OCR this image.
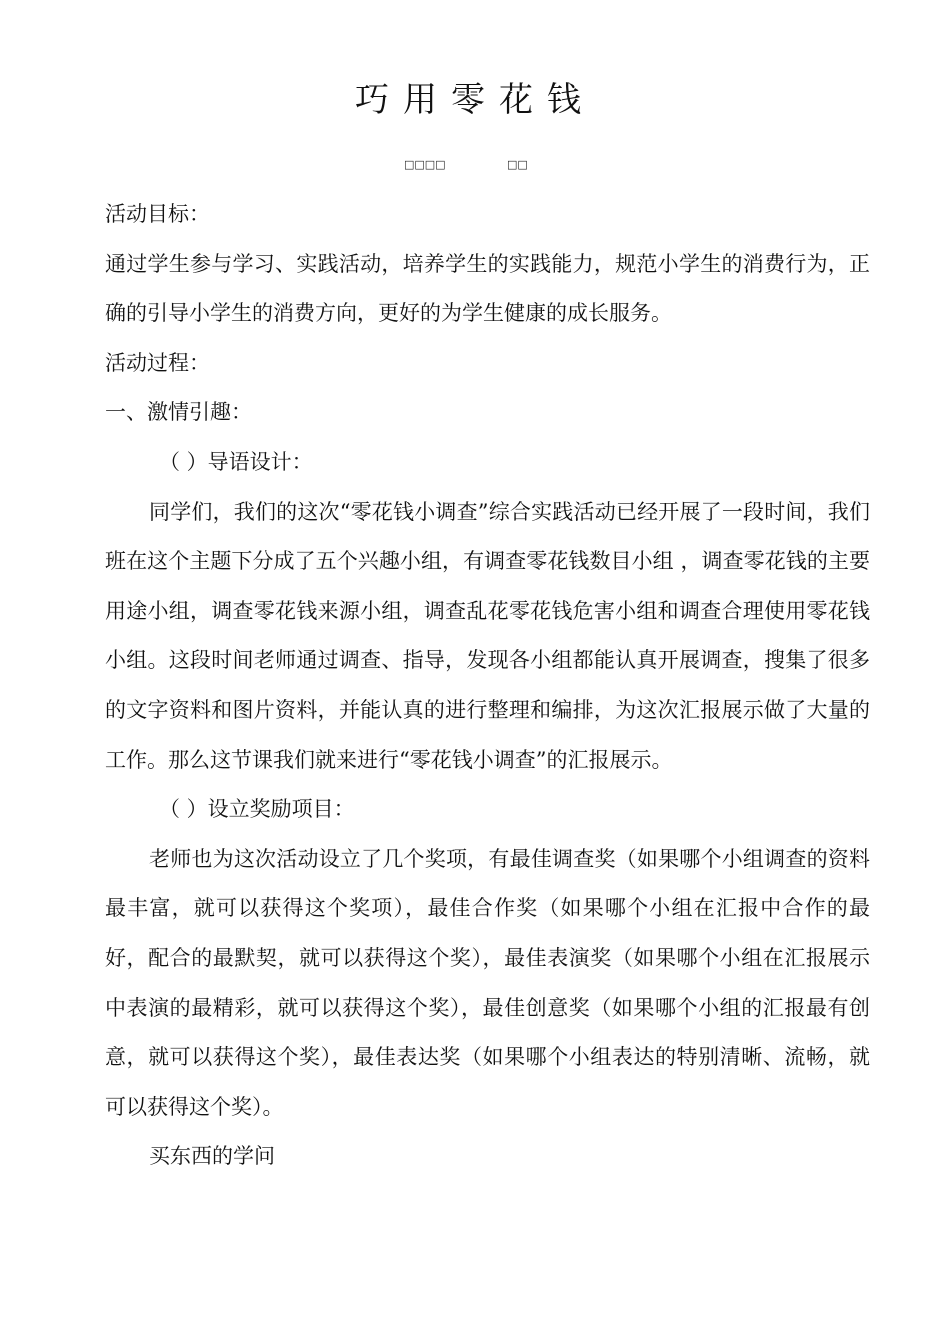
巧用零花钱
□□□□	□□

活动目标：

通过学生参与学习、实践活动，培养学生的实践能力，规范小学生的消费行为，正确的引导小学生的消费方向，更好的为学生健康的成长服务。

活动过程：

一、激情引趣：

（ ）导语设计：

同学们，我们的这次“零花钱小调查”综合实践活动已经开展了一段时间，我们班在这个主题下分成了五个兴趣小组，有调查零花钱数目小组 ，调查零花钱的主要用途小组，调查零花钱来源小组，调查乱花零花钱危害小组和调查合理使用零花钱小组。这段时间老师通过调查、指导，发现各小组都能认真开展调查，搜集了很多的文字资料和图片资料，并能认真的进行整理和编排，为这次汇报展示做了大量的工作。那么这节课我们就来进行“零花钱小调查”的汇报展示。

（ ）设立奖励项目：

老师也为这次活动设立了几个奖项，有最佳调查奖（如果哪个小组调查的资料最丰富，就可以获得这个奖项），最佳合作奖（如果哪个小组在汇报中合作的最好，配合的最默契，就可以获得这个奖），最佳表演奖（如果哪个小组在汇报展示中表演的最精彩，就可以获得这个奖），最佳创意奖（如果哪个小组的汇报最有创意，就可以获得这个奖），最佳表达奖（如果哪个小组表达的特别清晰、流畅，就可以获得这个奖）。

买东西的学问
